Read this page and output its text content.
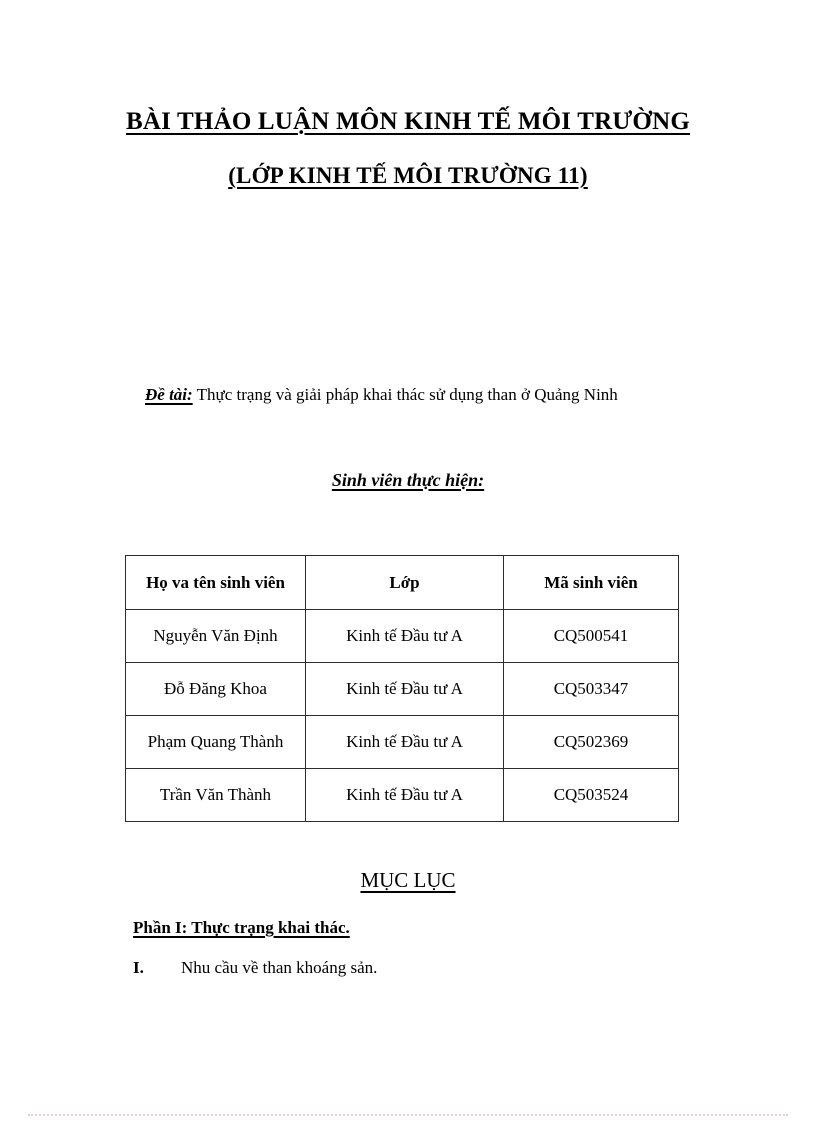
BÀI THẢO LUẬN MÔN KINH TẾ MÔI TRƯỜNG
(LỚP KINH TẾ MÔI TRƯỜNG 11)
Đề tài: Thực trạng và giải pháp khai thác sử dụng than ở Quảng Ninh
Sinh viên thực hiện:
Họ va tên sinh viên	Lớp	Mã sinh viên
Nguyễn Văn Định	Kinh tế Đầu tư A	CQ500541
Đỗ Đăng Khoa	Kinh tế Đầu tư A	CQ503347
Phạm Quang Thành	Kinh tế Đầu tư A	CQ502369
Trần Văn Thành	Kinh tế Đầu tư A	CQ503524
MỤC LỤC
Phần I: Thực trạng khai thác.
I. Nhu cầu về than khoáng sản.
